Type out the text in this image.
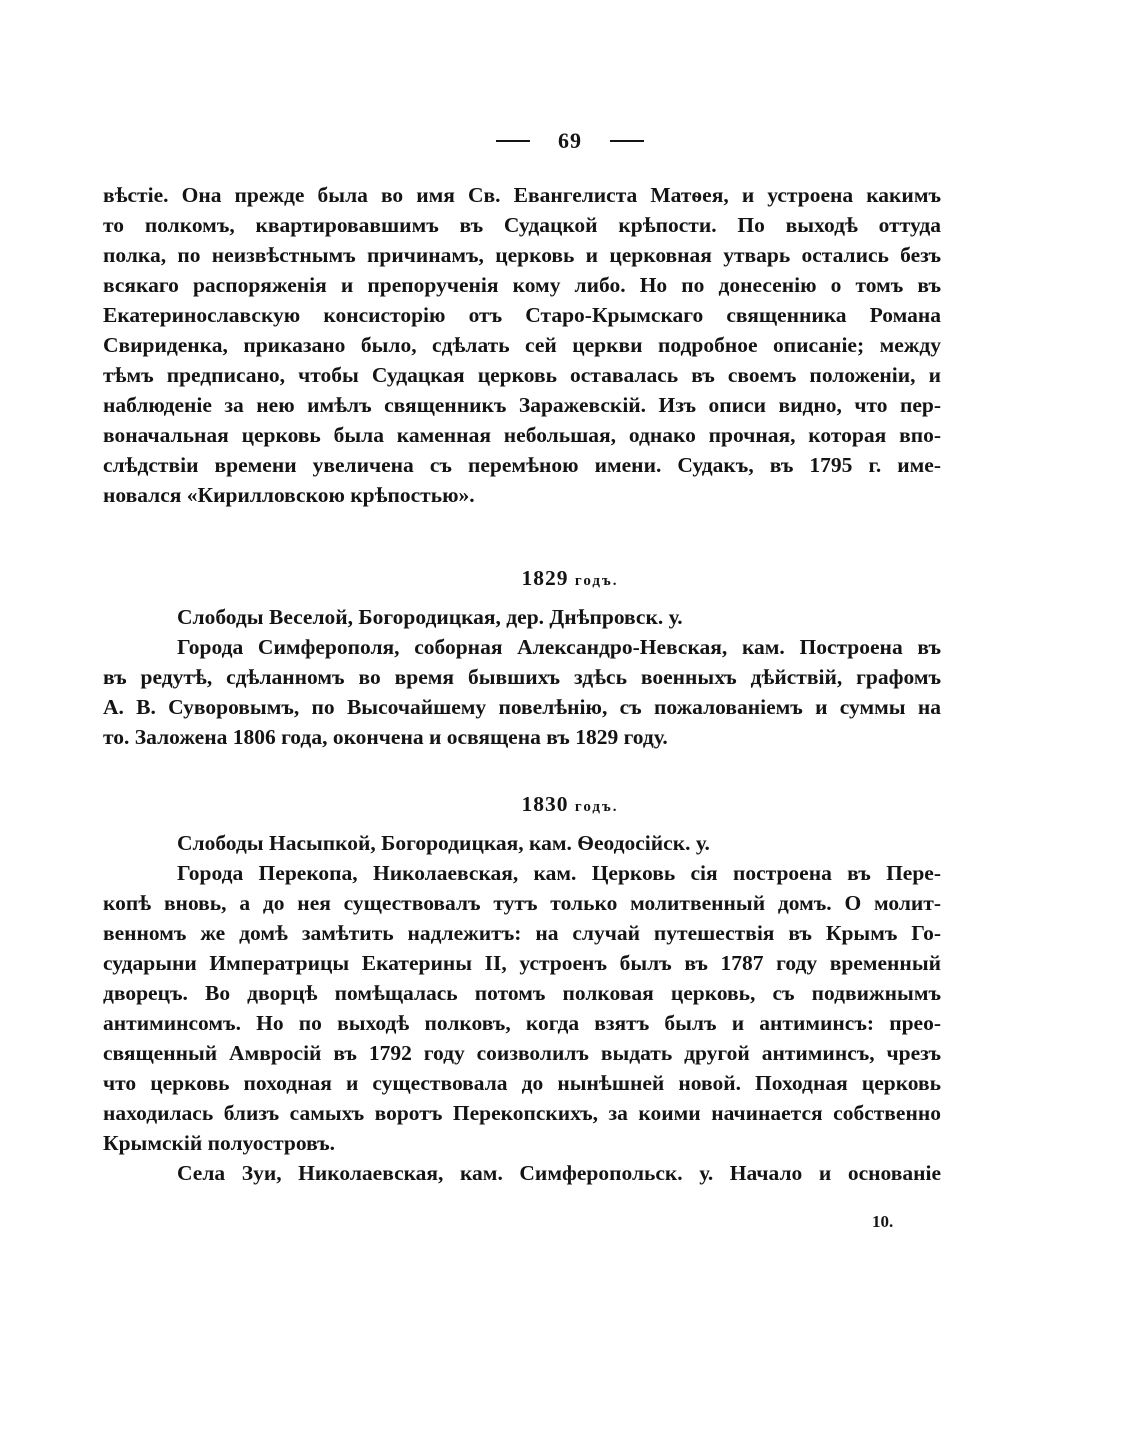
69
вѣстіе. Она прежде была во имя Св. Евангелиста Матѳея, и устроена какимъ
то полкомъ, квартировавшимъ въ Судацкой крѣпости. По выходѣ оттуда
полка, по неизвѣстнымъ причинамъ, церковь и церковная утварь остались безъ
всякаго распоряженія и препорученія кому либо. Но по донесенію о томъ въ
Екатеринославскую консисторію отъ Старо-Крымскаго священника Романа
Свириденка, приказано было, сдѣлать сей церкви подробное описаніе; между
тѣмъ предписано, чтобы Судацкая церковь оставалась въ своемъ положеніи, и
наблюденіе за нею имѣлъ священникъ Заражевскій. Изъ описи видно, что пер-
воначальная церковь была каменная небольшая, однако прочная, которая впо-
слѣдствіи времени увеличена съ перемѣною имени. Судакъ, въ 1795 г. име-
новался «Кирилловскою крѣпостью».
1829 годъ.
Слободы Веселой, Богородицкая, дер. Днѣпровск. у.
Города Симферополя, соборная Александро-Невская, кам. Построена въ
въ редутѣ, сдѣланномъ во время бывшихъ здѣсь военныхъ дѣйствій, графомъ
А. В. Суворовымъ, по Высочайшему повелѣнію, съ пожалованіемъ и суммы на
то. Заложена 1806 года, окончена и освящена въ 1829 году.
1830 годъ.
Слободы Насыпкой, Богородицкая, кам. Ѳеодосійск. у.
Города Перекопа, Николаевская, кам. Церковь сія построена въ Пере-
копѣ вновь, а до нея существовалъ тутъ только молитвенный домъ. О молит-
венномъ же домѣ замѣтить надлежитъ: на случай путешествія въ Крымъ Го-
сударыни Императрицы Екатерины II, устроенъ былъ въ 1787 году временный
дворецъ. Во дворцѣ помѣщалась потомъ полковая церковь, съ подвижнымъ
антиминсомъ. Но по выходѣ полковъ, когда взятъ былъ и антиминсъ: прео-
священный Амвросій въ 1792 году соизволилъ выдать другой антиминсъ, чрезъ
что церковь походная и существовала до нынѣшней новой. Походная церковь
находилась близъ самыхъ воротъ Перекопскихъ, за коими начинается собственно
Крымскій полуостровъ.
Села Зуи, Николаевская, кам. Симферопольск. у. Начало и основаніе
10.
